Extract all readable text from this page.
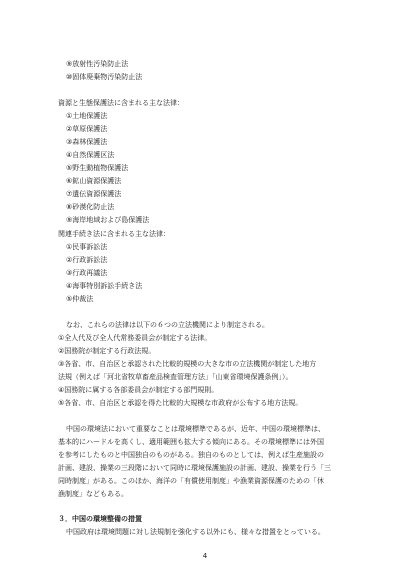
⑨放射性汚染防止法
⑩固体廃棄物汚染防止法
資源と生態保護法に含まれる主な法律：
①土地保護法
②草原保護法
③森林保護法
④自然保護区法
⑤野生動植物保護法
⑥鉱山資源保護法
⑦遺伝資源保護法
⑧砂漠化防止法
⑨海岸地域および島保護法
関連手続き法に含まれる主な法律：
①民事訴訟法
②行政訴訟法
③行政再議法
④海事特別訴訟手続き法
⑤仲裁法
なお、これらの法律は以下の６つの立法機関により制定される。
①全人代及び全人代常務委員会が制定する法律。
②国務院が制定する行政法規。
③各省、市、自治区と承認された比較的規模の大きな市の立法機関が制定した地方
法規（例えば「河北省牧草畜産品検査管理方法」「山東省環境保護条例」）。
④国務院に属する各部委員会が制定する部門規則。
⑤各省、市、自治区と承認を得た比較的大規模な市政府が公布する地方法規。
中国の環境法において重要なことは環境標準であるが、近年、中国の環境標準は、
基本的にハードルを高くし、適用範囲も拡大する傾向にある。その環境標準には外国
を参考にしたものと中国独自のものがある。独自のものとしては、例えば生産施設の
計画、建設、操業の三段階において同時に環境保護施設の計画、建設、操業を行う「三
同時制度」がある。このほか、海洋の「有償使用制度」や漁業資源保護のための「休
漁制度」などもある。
３．中国の環境整備の措置
中国政府は環境問題に対し法規制を強化する以外にも、様々な措置をとっている。
4
